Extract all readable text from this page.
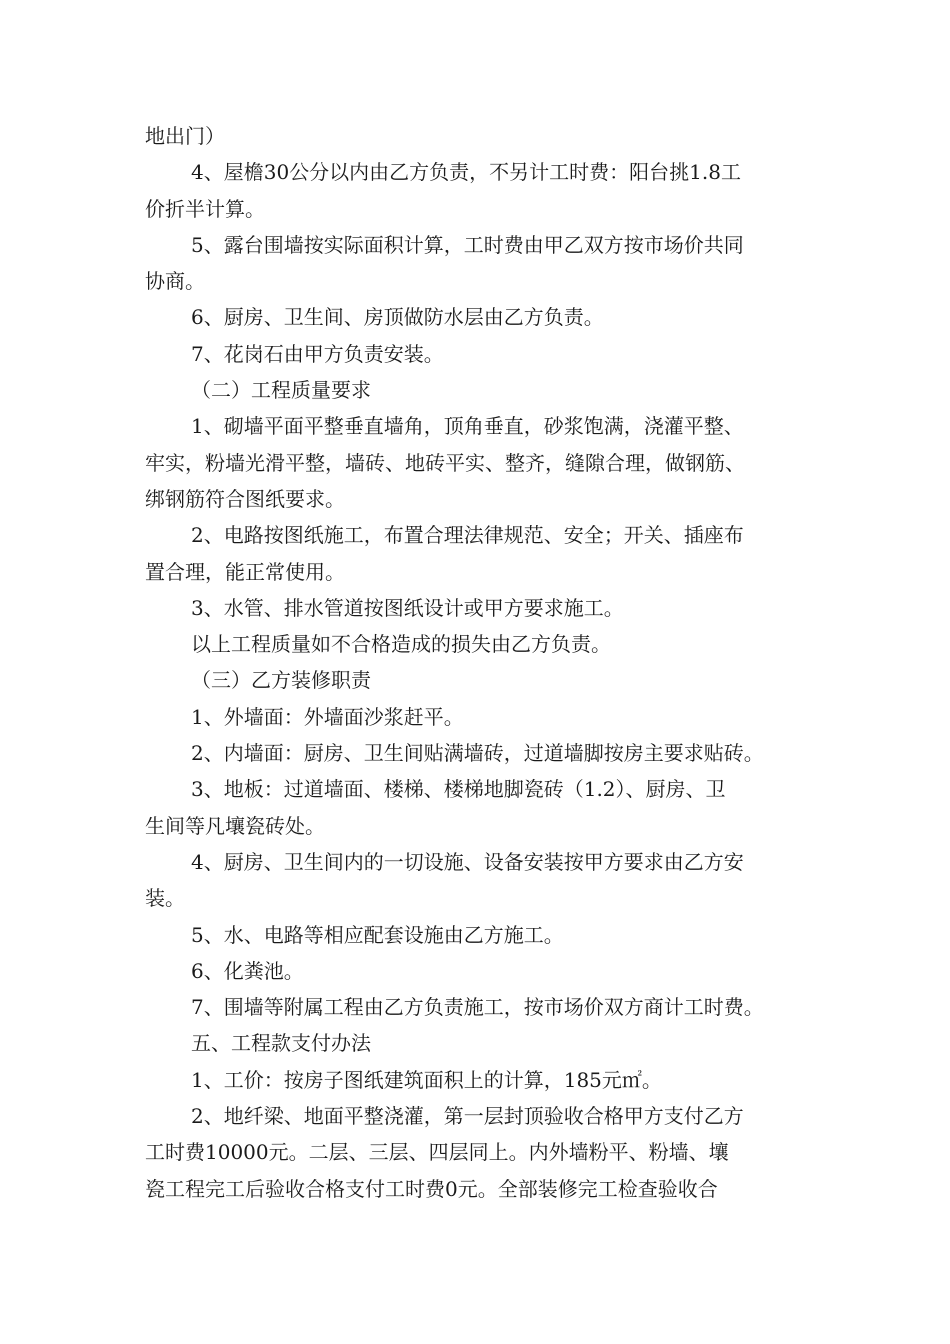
地出门）
4、屋檐30公分以内由乙方负责，不另计工时费：阳台挑1.8工
价折半计算。
5、露台围墙按实际面积计算，工时费由甲乙双方按市场价共同
协商。
6、厨房、卫生间、房顶做防水层由乙方负责。
7、花岗石由甲方负责安装。
（二）工程质量要求
1、砌墙平面平整垂直墙角，顶角垂直，砂浆饱满，浇灌平整、
牢实，粉墙光滑平整，墙砖、地砖平实、整齐，缝隙合理，做钢筋、
绑钢筋符合图纸要求。
2、电路按图纸施工，布置合理法律规范、安全；开关、插座布
置合理，能正常使用。
3、水管、排水管道按图纸设计或甲方要求施工。
以上工程质量如不合格造成的损失由乙方负责。
（三）乙方装修职责
1、外墙面：外墙面沙浆赶平。
2、内墙面：厨房、卫生间贴满墙砖，过道墙脚按房主要求贴砖。
3、地板：过道墙面、楼梯、楼梯地脚瓷砖（1.2）、厨房、卫
生间等凡壤瓷砖处。
4、厨房、卫生间内的一切设施、设备安装按甲方要求由乙方安
装。
5、水、电路等相应配套设施由乙方施工。
6、化粪池。
7、围墙等附属工程由乙方负责施工，按市场价双方商计工时费。
五、工程款支付办法
1、工价：按房子图纸建筑面积上的计算，185元㎡。
2、地纤梁、地面平整浇灌，第一层封顶验收合格甲方支付乙方
工时费10000元。二层、三层、四层同上。内外墙粉平、粉墙、壤
瓷工程完工后验收合格支付工时费0元。全部装修完工检查验收合
